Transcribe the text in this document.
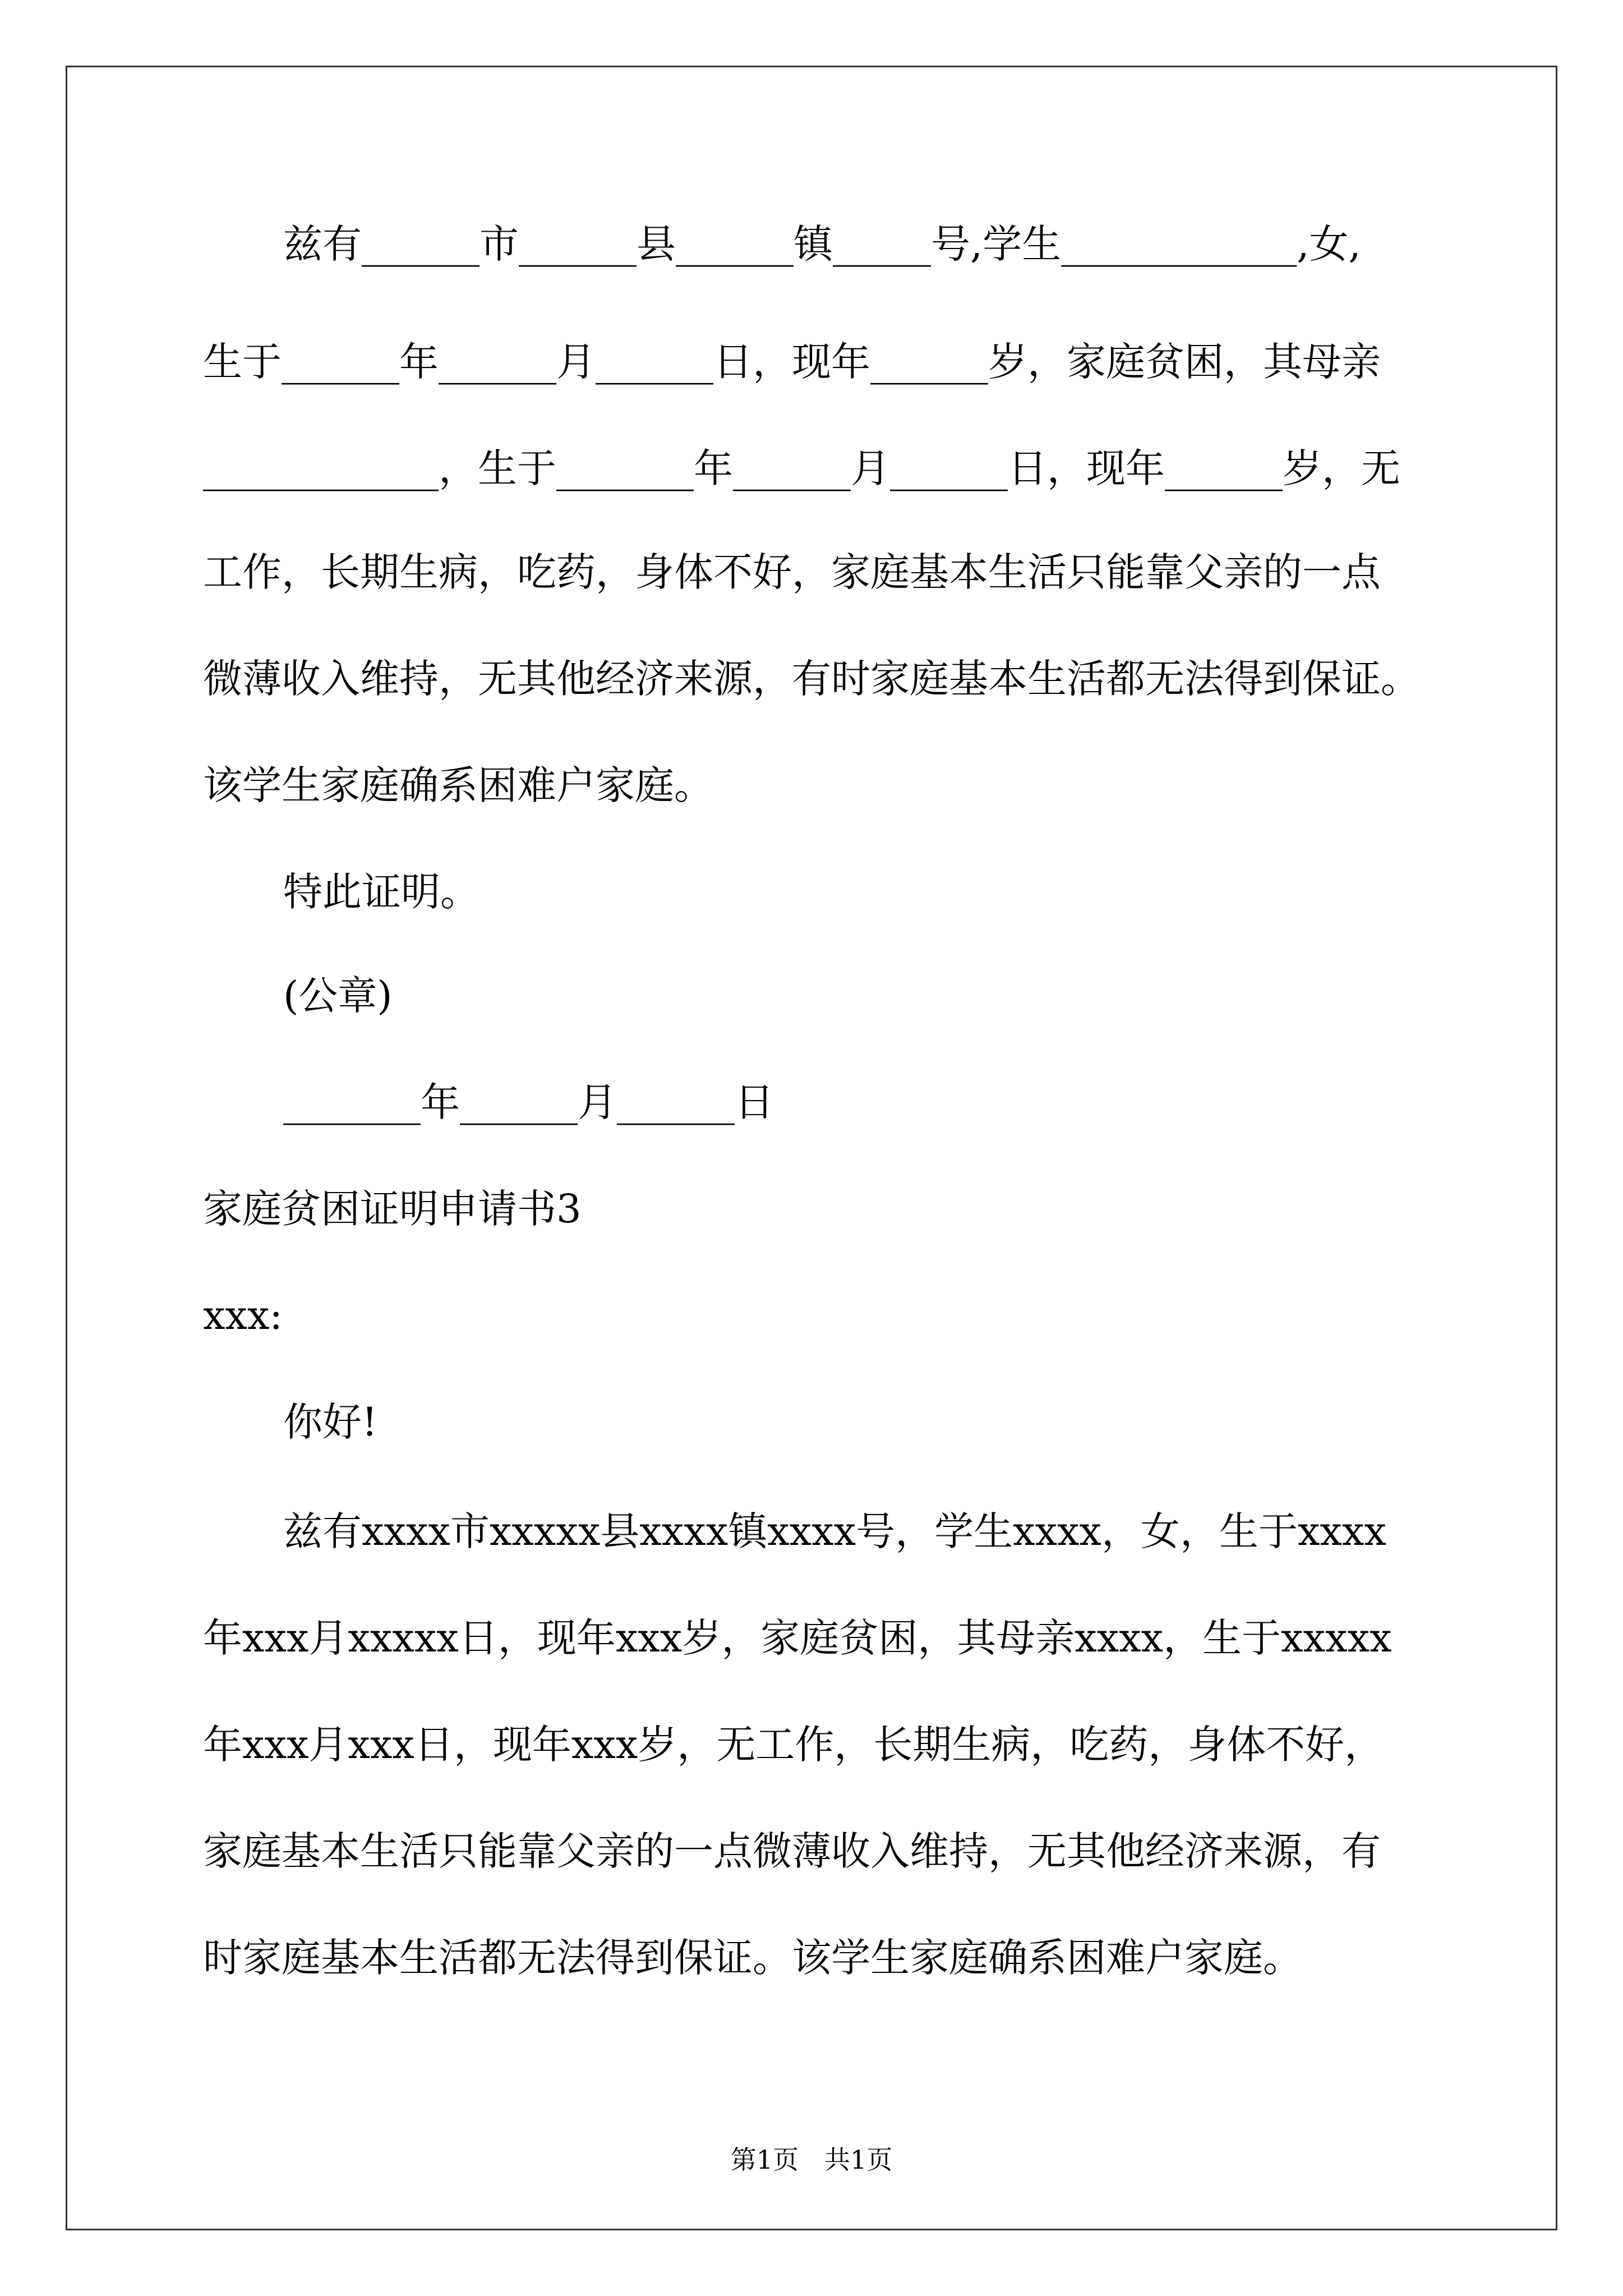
兹有______市______县______镇_____号,学生____________,女,
生于______年______月______日，现年______岁，家庭贫困，其母亲
____________，生于_______年______月______日，现年______岁，无
工作，长期生病，吃药，身体不好，家庭基本生活只能靠父亲的一点
微薄收入维持，无其他经济来源，有时家庭基本生活都无法得到保证。
该学生家庭确系困难户家庭。
特此证明。
(公章)
_______年______月______日
家庭贫困证明申请书3
xxx:
你好!
兹有xxxx市xxxxx县xxxx镇xxxx号，学生xxxx，女，生于xxxx
年xxx月xxxxx日，现年xxx岁，家庭贫困，其母亲xxxx，生于xxxxx
年xxx月xxx日，现年xxx岁，无工作，长期生病，吃药，身体不好，
家庭基本生活只能靠父亲的一点微薄收入维持，无其他经济来源，有
时家庭基本生活都无法得到保证。该学生家庭确系困难户家庭。
第1页　共1页
